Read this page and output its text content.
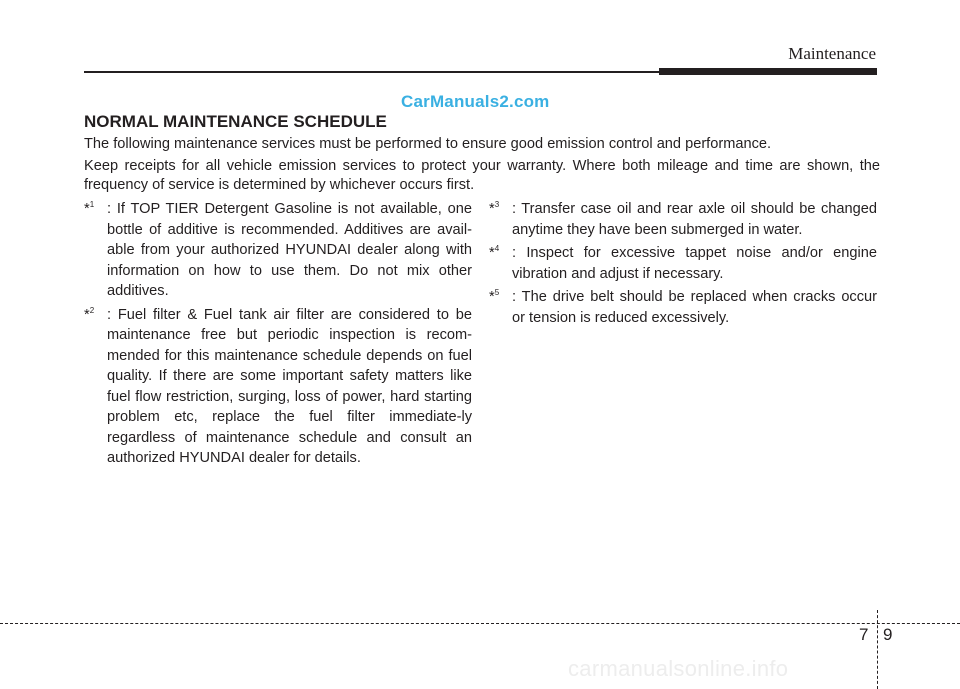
Maintenance
CarManuals2.com
NORMAL MAINTENANCE SCHEDULE

The following maintenance services must be performed to ensure good emission control and performance.

Keep receipts for all vehicle emission services to protect your warranty. Where both mileage and time are shown, the frequency of service is determined by whichever occurs first.

*$^1$ : If TOP TIER Detergent Gasoline is not available, one bottle of additive is recommended. Additives are avail-able from your authorized HYUNDAI dealer along with information on how to use them. Do not mix other additives.

*$^2$ : Fuel filter & Fuel tank air filter are considered to be maintenance free but periodic inspection is recom-mended for this maintenance schedule depends on fuel quality. If there are some important safety matters like fuel flow restriction, surging, loss of power, hard starting problem etc, replace the fuel filter immediate-ly regardless of maintenance schedule and consult an authorized HYUNDAI dealer for details.

*$^3$ : Transfer case oil and rear axle oil should be changed anytime they have been submerged in water.

*$^4$ : Inspect for excessive tappet noise and/or engine vibration and adjust if necessary.

*$^5$ : The drive belt should be replaced when cracks occur or tension is reduced excessively.

7 9
carmanualsonline.info
